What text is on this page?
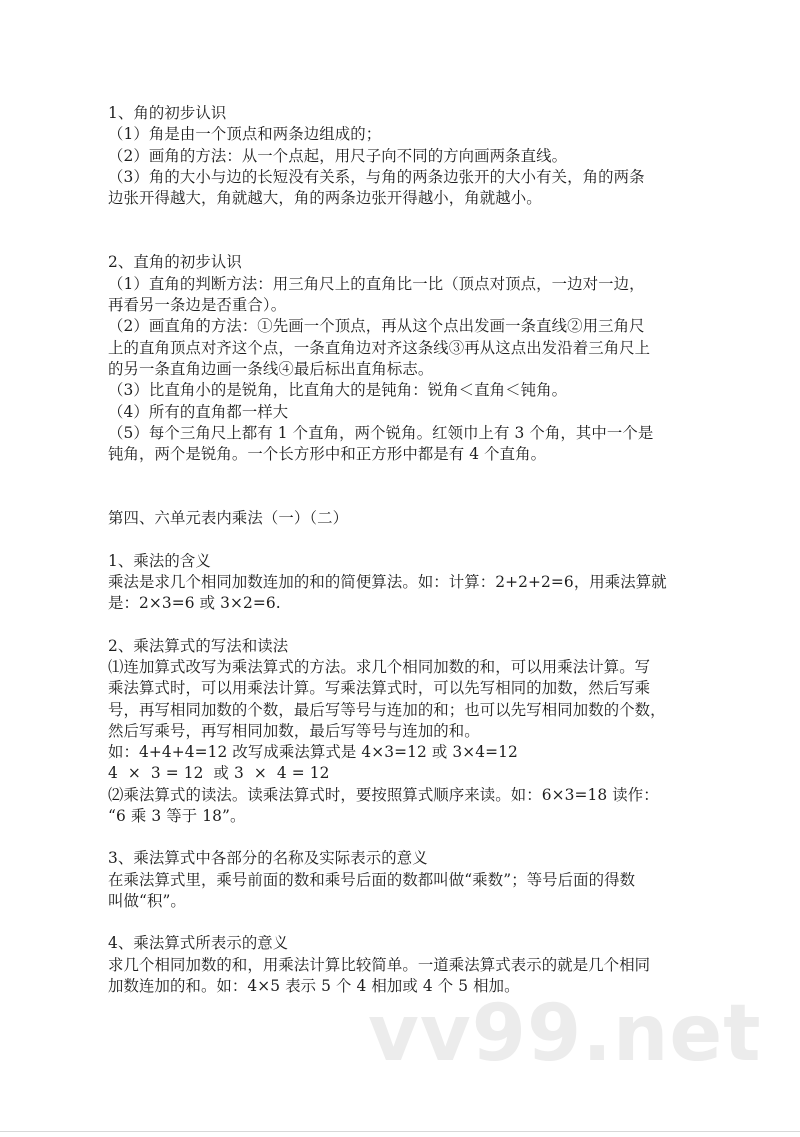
1、角的初步认识

（1）角是由一个顶点和两条边组成的；

（2）画角的方法：从一个点起，用尺子向不同的方向画两条直线。

（3）角的大小与边的长短没有关系，与角的两条边张开的大小有关，角的两条

边张开得越大，角就越大，角的两条边张开得越小，角就越小。

2、直角的初步认识

（1）直角的判断方法：用三角尺上的直角比一比（顶点对顶点，一边对一边，

再看另一条边是否重合）。

（2）画直角的方法：①先画一个顶点，再从这个点出发画一条直线②用三角尺

上的直角顶点对齐这个点，一条直角边对齐这条线③再从这点出发沿着三角尺上

的另一条直角边画一条线④最后标出直角标志。

（3）比直角小的是锐角，比直角大的是钝角：锐角＜直角＜钝角。

（4）所有的直角都一样大

（5）每个三角尺上都有 1 个直角，两个锐角。红领巾上有 3 个角，其中一个是

钝角，两个是锐角。一个长方形中和正方形中都是有 4 个直角。

第四、六单元表内乘法（一）（二）

1、乘法的含义

乘法是求几个相同加数连加的和的简便算法。如：计算：2+2+2=6，用乘法算就

是：2×3=6 或 3×2=6.

2、乘法算式的写法和读法

⑴连加算式改写为乘法算式的方法。求几个相同加数的和，可以用乘法计算。写

乘法算式时，可以用乘法计算。写乘法算式时，可以先写相同的加数，然后写乘

号，再写相同加数的个数，最后写等号与连加的和；也可以先写相同加数的个数，

然后写乘号，再写相同加数，最后写等号与连加的和。

如：4+4+4=12 改写成乘法算式是 4×3=12 或 3×4=12

4  ×  3 = 12  或 3  ×  4 = 12

⑵乘法算式的读法。读乘法算式时，要按照算式顺序来读。如：6×3=18 读作：

“6 乘 3 等于 18”。

3、乘法算式中各部分的名称及实际表示的意义

在乘法算式里，乘号前面的数和乘号后面的数都叫做“乘数”；等号后面的得数

叫做“积”。

4、乘法算式所表示的意义

求几个相同加数的和，用乘法计算比较简单。一道乘法算式表示的就是几个相同

加数连加的和。如：4×5 表示 5 个 4 相加或 4 个 5 相加。

vv99.net
